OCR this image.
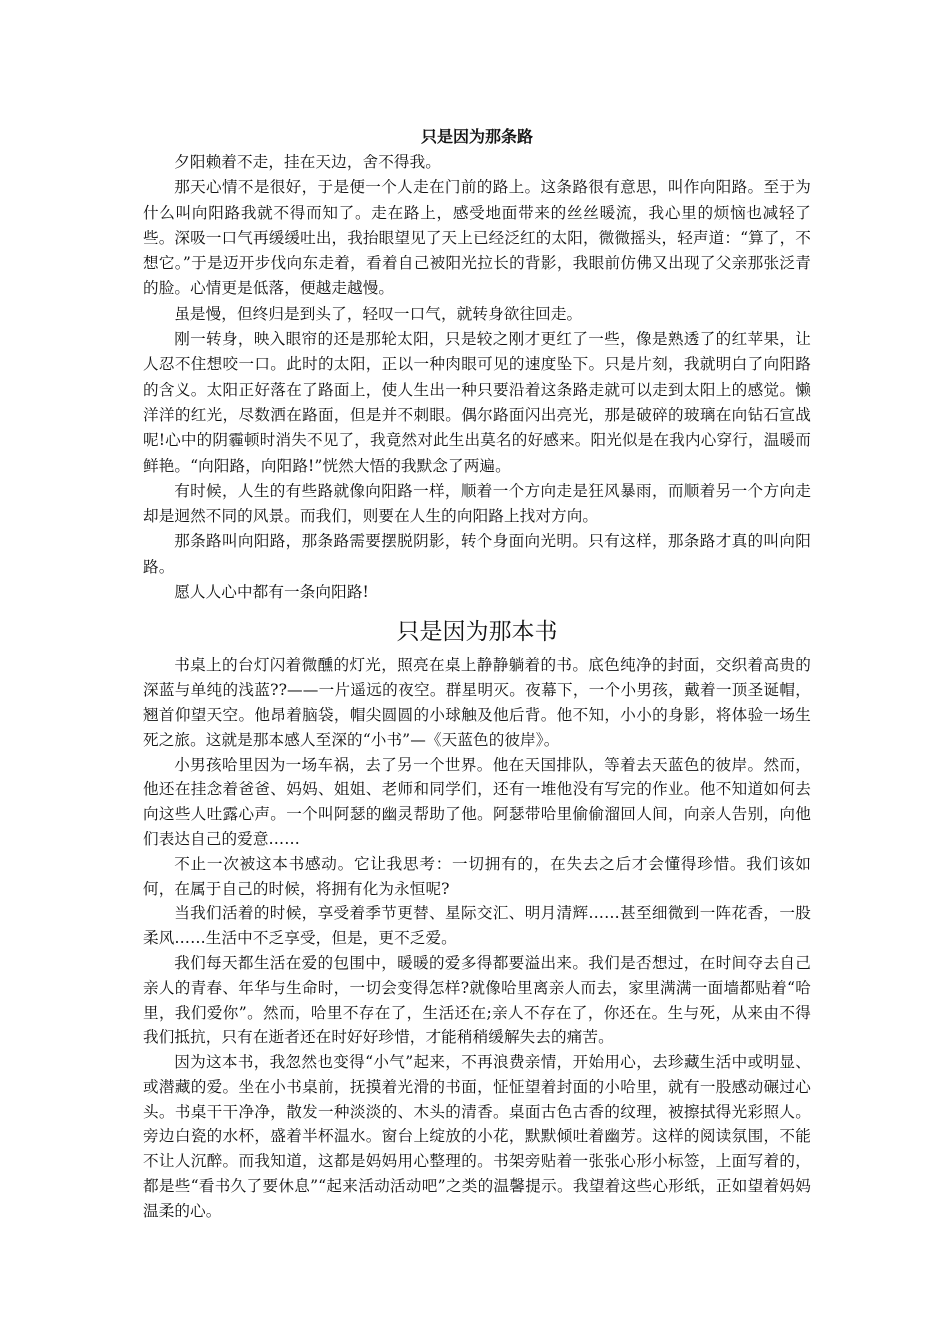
只是因为那条路

夕阳赖着不走，挂在天边，舍不得我。

那天心情不是很好，于是便一个人走在门前的路上。这条路很有意思，叫作向阳路。至于为什么叫向阳路我就不得而知了。走在路上，感受地面带来的丝丝暖流，我心里的烦恼也减轻了些。深吸一口气再缓缓吐出，我抬眼望见了天上已经泛红的太阳，微微摇头，轻声道：“算了，不想它。”于是迈开步伐向东走着，看着自己被阳光拉长的背影，我眼前仿佛又出现了父亲那张泛青的脸。心情更是低落，便越走越慢。

虽是慢，但终归是到头了，轻叹一口气，就转身欲往回走。

刚一转身，映入眼帘的还是那轮太阳，只是较之刚才更红了一些，像是熟透了的红苹果，让人忍不住想咬一口。此时的太阳，正以一种肉眼可见的速度坠下。只是片刻，我就明白了向阳路的含义。太阳正好落在了路面上，使人生出一种只要沿着这条路走就可以走到太阳上的感觉。懒洋洋的红光，尽数洒在路面，但是并不刺眼。偶尔路面闪出亮光，那是破碎的玻璃在向钻石宣战呢!心中的阴霾顿时消失不见了，我竟然对此生出莫名的好感来。阳光似是在我内心穿行，温暖而鲜艳。“向阳路，向阳路!”恍然大悟的我默念了两遍。

有时候，人生的有些路就像向阳路一样，顺着一个方向走是狂风暴雨，而顺着另一个方向走却是迥然不同的风景。而我们，则要在人生的向阳路上找对方向。

那条路叫向阳路，那条路需要摆脱阴影，转个身面向光明。只有这样，那条路才真的叫向阳路。

愿人人心中都有一条向阳路!

只是因为那本书

书桌上的台灯闪着微醺的灯光，照亮在桌上静静躺着的书。底色纯净的封面，交织着高贵的深蓝与单纯的浅蓝??——一片遥远的夜空。群星明灭。夜幕下，一个小男孩，戴着一顶圣诞帽，翘首仰望天空。他昂着脑袋，帽尖圆圆的小球触及他后背。他不知，小小的身影，将体验一场生死之旅。这就是那本感人至深的“小书”—《天蓝色的彼岸》。

小男孩哈里因为一场车祸，去了另一个世界。他在天国排队，等着去天蓝色的彼岸。然而，他还在挂念着爸爸、妈妈、姐姐、老师和同学们，还有一堆他没有写完的作业。他不知道如何去向这些人吐露心声。一个叫阿瑟的幽灵帮助了他。阿瑟带哈里偷偷溜回人间，向亲人告别，向他们表达自己的爱意……

不止一次被这本书感动。它让我思考：一切拥有的，在失去之后才会懂得珍惜。我们该如何，在属于自己的时候，将拥有化为永恒呢?

当我们活着的时候，享受着季节更替、星际交汇、明月清辉……甚至细微到一阵花香，一股柔风……生活中不乏享受，但是，更不乏爱。

我们每天都生活在爱的包围中，暖暖的爱多得都要溢出来。我们是否想过，在时间夺去自己亲人的青春、年华与生命时，一切会变得怎样?就像哈里离亲人而去，家里满满一面墙都贴着“哈里，我们爱你”。然而，哈里不存在了，生活还在;亲人不存在了，你还在。生与死，从来由不得我们抵抗，只有在逝者还在时好好珍惜，才能稍稍缓解失去的痛苦。

因为这本书，我忽然也变得“小气”起来，不再浪费亲情，开始用心，去珍藏生活中或明显、或潜藏的爱。坐在小书桌前，抚摸着光滑的书面，怔怔望着封面的小哈里，就有一股感动碾过心头。书桌干干净净，散发一种淡淡的、木头的清香。桌面古色古香的纹理，被擦拭得光彩照人。旁边白瓷的水杯，盛着半杯温水。窗台上绽放的小花，默默倾吐着幽芳。这样的阅读氛围，不能不让人沉醉。而我知道，这都是妈妈用心整理的。书架旁贴着一张张心形小标签，上面写着的，都是些“看书久了要休息”“起来活动活动吧”之类的温馨提示。我望着这些心形纸，正如望着妈妈温柔的心。
